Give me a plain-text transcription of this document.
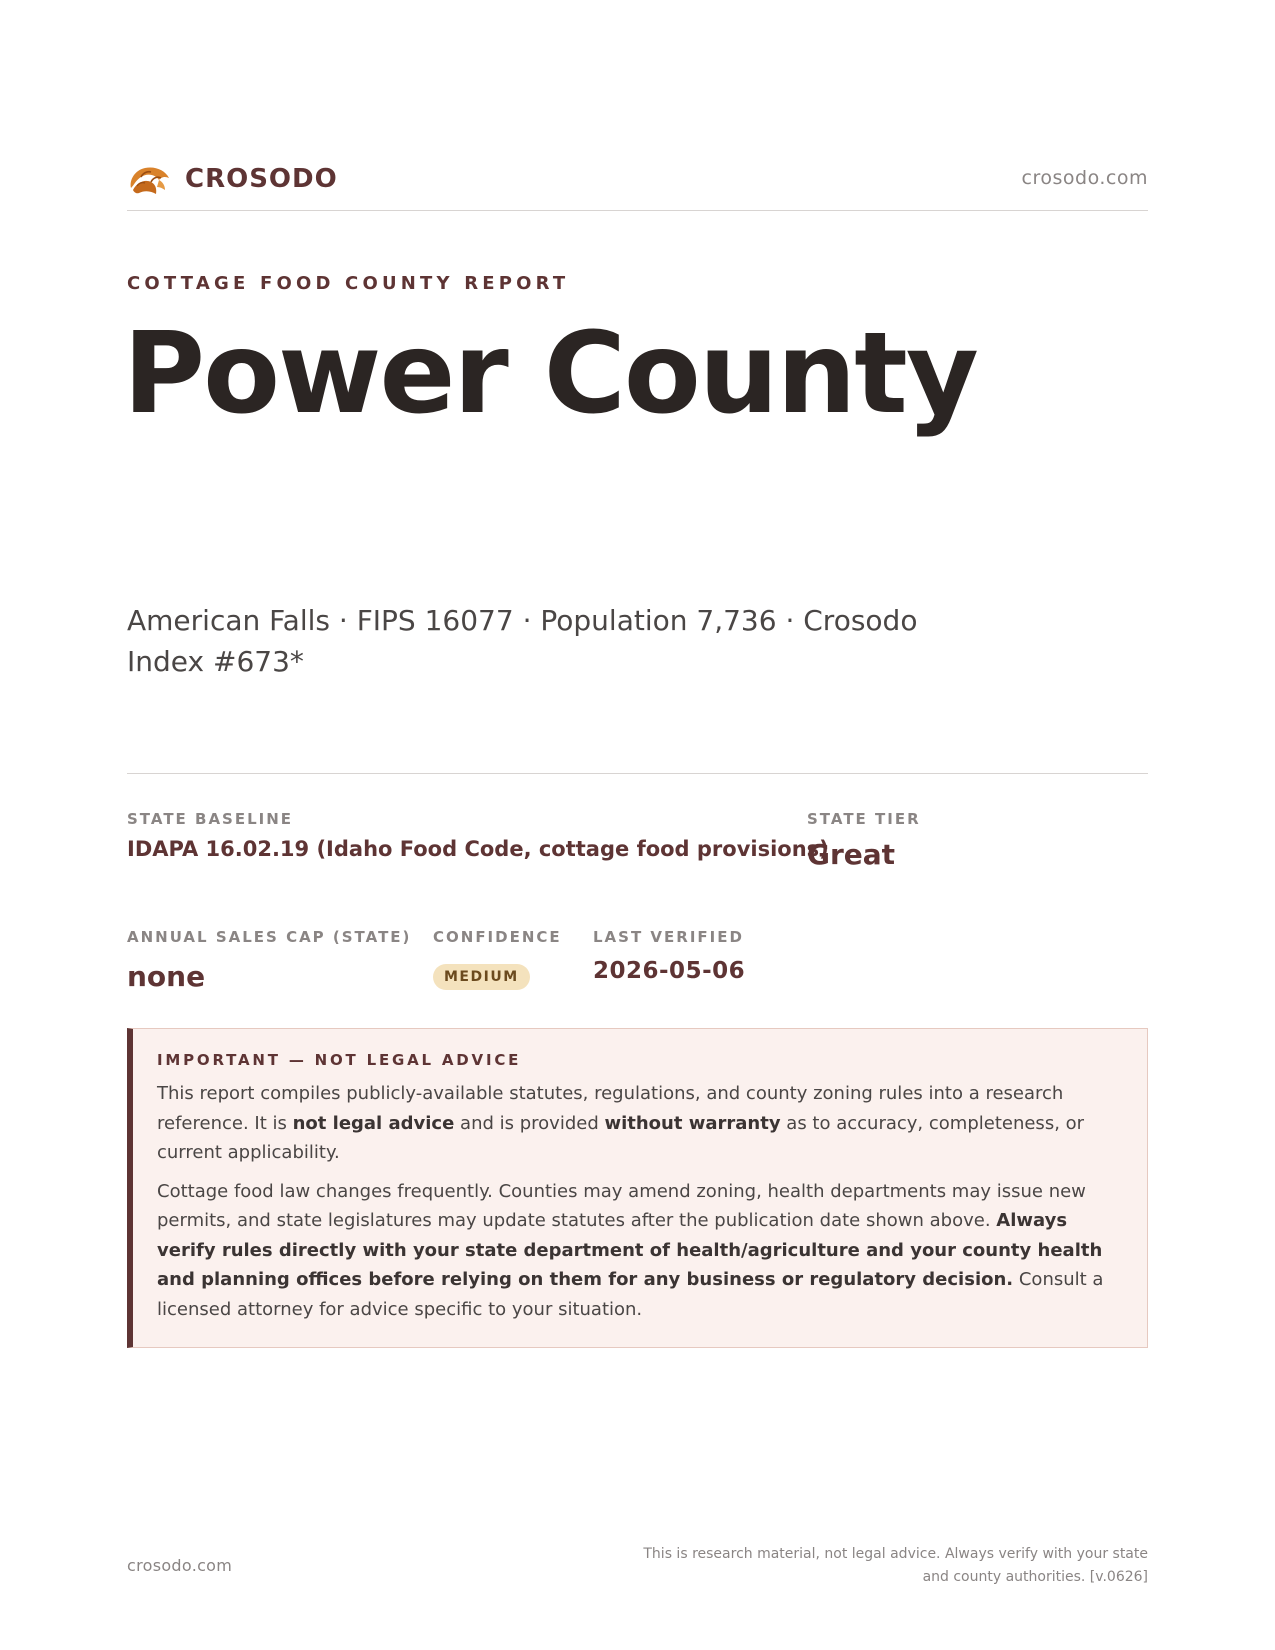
CROSODO	crosodo.com
COTTAGE FOOD COUNTY REPORT
Power County
American Falls · FIPS 16077 · Population 7,736 · Crosodo Index #673*
STATE BASELINE
IDAPA 16.02.19 (Idaho Food Code, cottage food provisions)
STATE TIER
Great
ANNUAL SALES CAP (STATE)
none
CONFIDENCE
MEDIUM
LAST VERIFIED
2026-05-06
IMPORTANT — NOT LEGAL ADVICE

This report compiles publicly-available statutes, regulations, and county zoning rules into a research reference. It is not legal advice and is provided without warranty as to accuracy, completeness, or current applicability.

Cottage food law changes frequently. Counties may amend zoning, health departments may issue new permits, and state legislatures may update statutes after the publication date shown above. Always verify rules directly with your state department of health/agriculture and your county health and planning offices before relying on them for any business or regulatory decision. Consult a licensed attorney for advice specific to your situation.

crosodo.com
This is research material, not legal advice. Always verify with your state
and county authorities. [v.0626]
